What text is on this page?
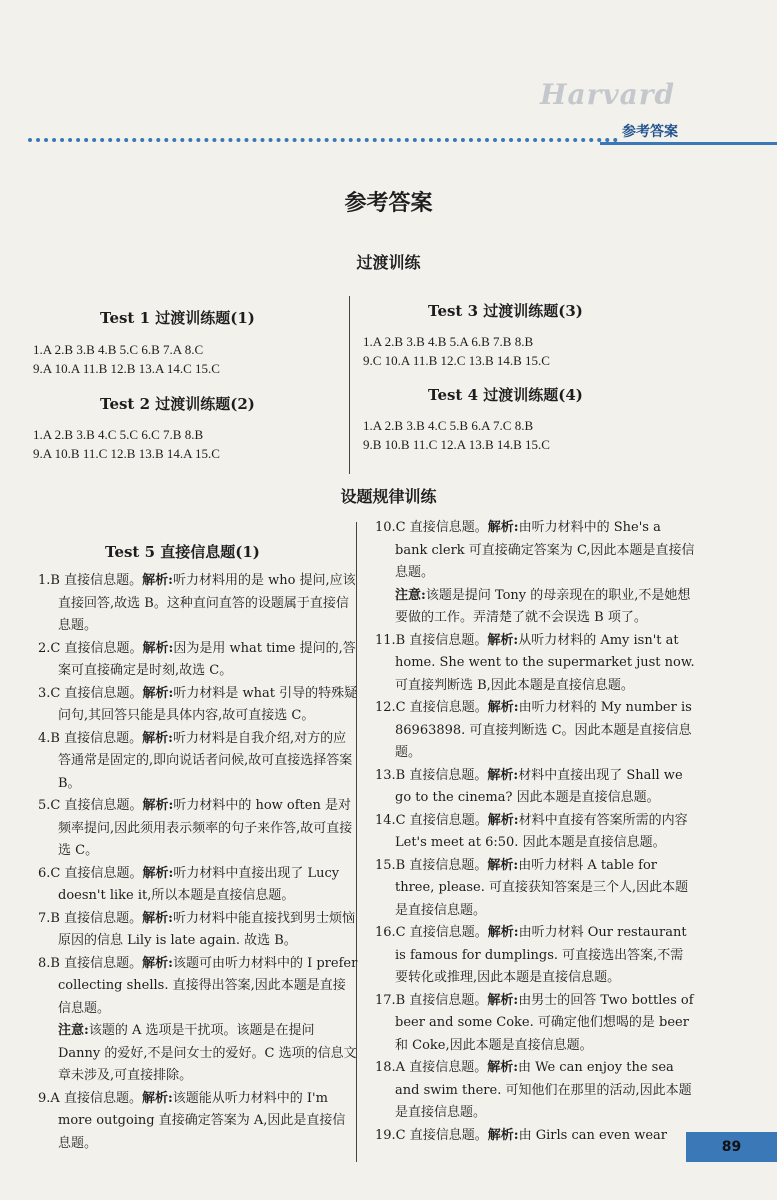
Harvard
参考答案
参考答案
过渡训练
Test 1 过渡训练题(1)
1.A 2.B 3.B 4.B 5.C 6.B 7.A 8.C
9.A 10.A 11.B 12.B 13.A 14.C 15.C
Test 2 过渡训练题(2)
1.A 2.B 3.B 4.C 5.C 6.C 7.B 8.B
9.A 10.B 11.C 12.B 13.B 14.A 15.C
Test 3 过渡训练题(3)
1.A 2.B 3.B 4.B 5.A 6.B 7.B 8.B
9.C 10.A 11.B 12.C 13.B 14.B 15.C
Test 4 过渡训练题(4)
1.A 2.B 3.B 4.C 5.B 6.A 7.C 8.B
9.B 10.B 11.C 12.A 13.B 14.B 15.C
设题规律训练
Test 5 直接信息题(1)

1.B 直接信息题。解析:听力材料用的是 who 提问,应该直接回答,故选 B。这种直问直答的设题属于直接信息题。

2.C 直接信息题。解析:因为是用 what time 提问的,答案可直接确定是时刻,故选 C。

3.C 直接信息题。解析:听力材料是 what 引导的特殊疑问句,其回答只能是具体内容,故可直接选 C。

4.B 直接信息题。解析:听力材料是自我介绍,对方的应答通常是固定的,即向说话者问候,故可直接选择答案 B。

5.C 直接信息题。解析:听力材料中的 how often 是对频率提问,因此须用表示频率的句子来作答,故可直接选 C。

6.C 直接信息题。解析:听力材料中直接出现了 Lucy doesn't like it,所以本题是直接信息题。

7.B 直接信息题。解析:听力材料中能直接找到男士烦恼原因的信息 Lily is late again. 故选 B。

8.B 直接信息题。解析:该题可由听力材料中的 I prefer collecting shells. 直接得出答案,因此本题是直接信息题。

注意:该题的 A 选项是干扰项。该题是在提问 Danny 的爱好,不是问女士的爱好。C 选项的信息文章未涉及,可直接排除。

9.A 直接信息题。解析:该题能从听力材料中的 I'm more outgoing 直接确定答案为 A,因此是直接信息题。

10.C 直接信息题。解析:由听力材料中的 She's a bank clerk 可直接确定答案为 C,因此本题是直接信息题。

注意:该题是提问 Tony 的母亲现在的职业,不是她想要做的工作。弄清楚了就不会误选 B 项了。

11.B 直接信息题。解析:从听力材料的 Amy isn't at home. She went to the supermarket just now. 可直接判断选 B,因此本题是直接信息题。

12.C 直接信息题。解析:由听力材料的 My number is 86963898. 可直接判断选 C。因此本题是直接信息题。

13.B 直接信息题。解析:材料中直接出现了 Shall we go to the cinema? 因此本题是直接信息题。

14.C 直接信息题。解析:材料中直接有答案所需的内容 Let's meet at 6:50. 因此本题是直接信息题。

15.B 直接信息题。解析:由听力材料 A table for three, please. 可直接获知答案是三个人,因此本题是直接信息题。

16.C 直接信息题。解析:由听力材料 Our restaurant is famous for dumplings. 可直接选出答案,不需要转化或推理,因此本题是直接信息题。

17.B 直接信息题。解析:由男士的回答 Two bottles of beer and some Coke. 可确定他们想喝的是 beer 和 Coke,因此本题是直接信息题。

18.A 直接信息题。解析:由 We can enjoy the sea and swim there. 可知他们在那里的活动,因此本题是直接信息题。

19.C 直接信息题。解析:由 Girls can even wear

89
